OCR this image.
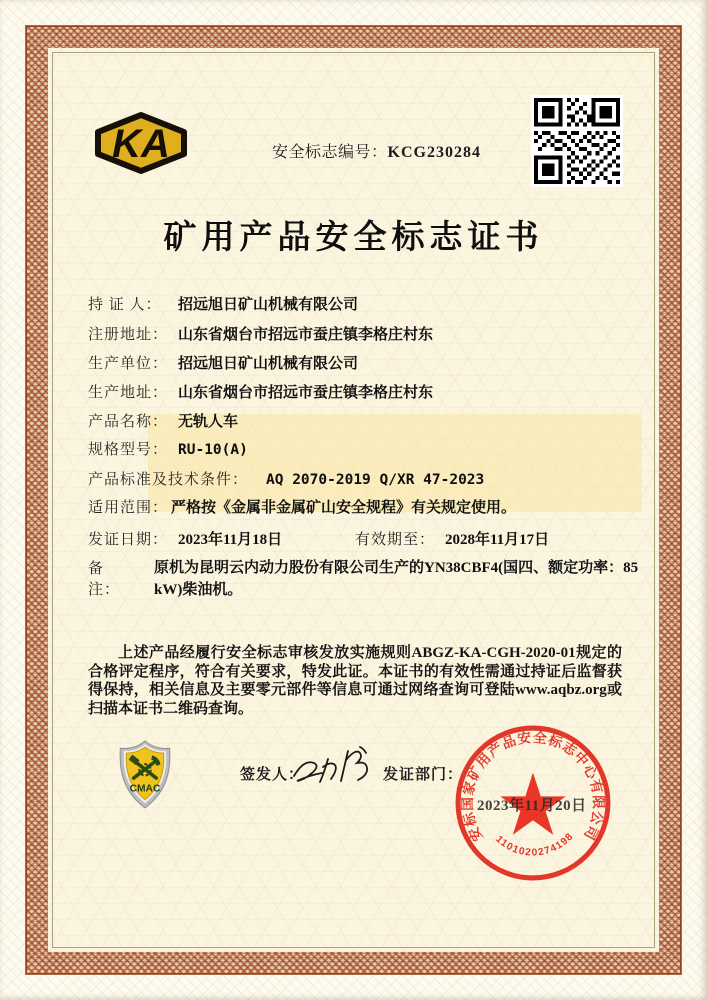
KA	安全标志编号：KCG230284
矿用产品安全标志证书
持 证 人： 招远旭日矿山机械有限公司
注册地址： 山东省烟台市招远市蚕庄镇李格庄村东
生产单位： 招远旭日矿山机械有限公司
生产地址： 山东省烟台市招远市蚕庄镇李格庄村东
产品名称： 无轨人车
规格型号： RU-10(A)
产品标准及技术条件： AQ 2070-2019 Q/XR 47-2023
适用范围： 严格按《金属非金属矿山安全规程》有关规定使用。
发证日期： 2023年11月18日	有效期至： 2028年11月17日
备　　注：
原机为昆明云内动力股份有限公司生产的YN38CBF4(国四、额定功率：85 kW)柴油机。
上述产品经履行安全标志审核发放实施规则ABGZ-KA-CGH-2020-01规定的合格评定程序，符合有关要求，特发此证。本证书的有效性需通过持证后监督获得保持，相关信息及主要零元部件等信息可通过网络查询可登陆www.aqbz.org或扫描本证书二维码查询。
CMAC
签发人：	发证部门：
安标国家矿用产品安全标志中心有限公司
1101020274198
2023年11月20日
